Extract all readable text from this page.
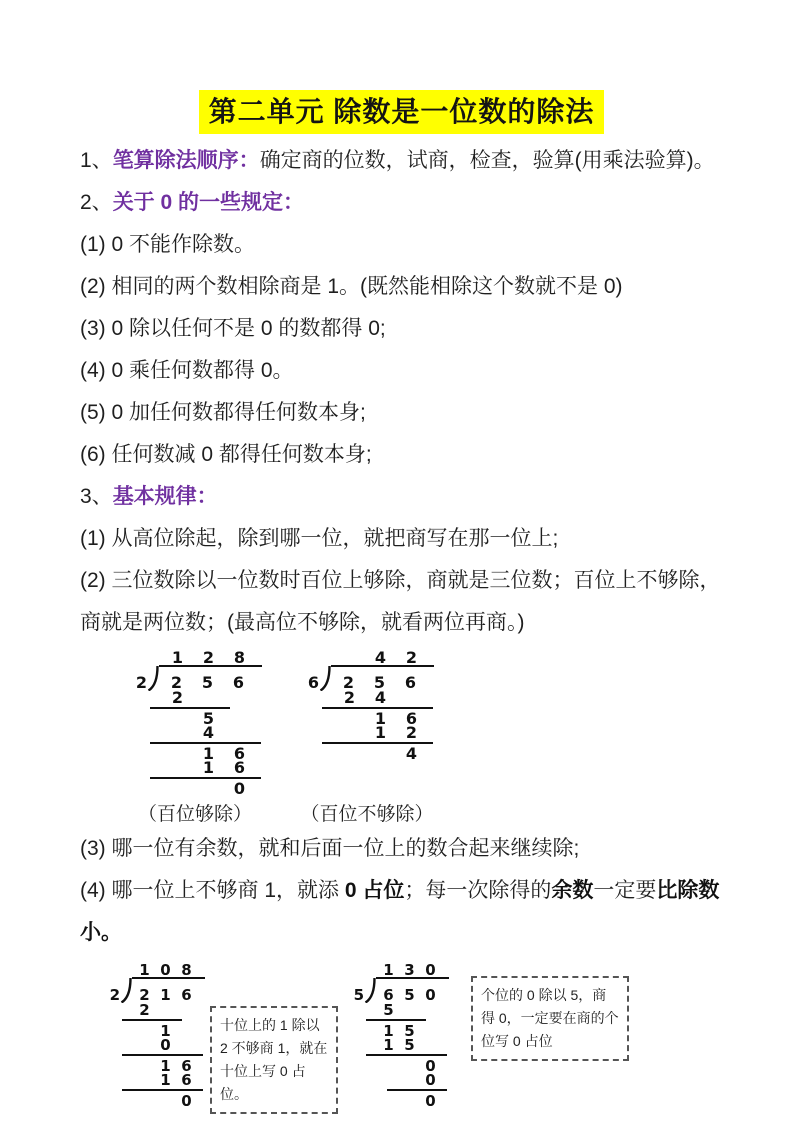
第二单元 除数是一位数的除法

1、笔算除法顺序：确定商的位数，试商，检查，验算(用乘法验算)。

2、关于 0 的一些规定：

(1) 0 不能作除数。

(2) 相同的两个数相除商是 1。(既然能相除这个数就不是 0)

(3) 0 除以任何不是 0 的数都得 0;

(4) 0 乘任何数都得 0。

(5) 0 加任何数都得任何数本身;

(6) 任何数减 0 都得任何数本身;

3、基本规律：

(1) 从高位除起，除到哪一位，就把商写在那一位上;

(2) 三位数除以一位数时百位上够除，商就是三位数；百位上不够除，商就是两位数；(最高位不够除，就看两位再商。)

1	2	8
2	2	5	6
2
5
4
1	6
1	6
0
（百位够除）
4	2
6	2	5	6
2	4
1	6
1	2
4
（百位不够除）

(3) 哪一位有余数，就和后面一位上的数合起来继续除;

(4) 哪一位上不够商 1，就添 0 占位；每一次除得的余数一定要比除数小。

1 0 8
2	2 1 6
2
1
0
1 6
1 6
0
十位上的 1 除以 2 不够商 1，就在十位上写 0 占位。
1 3 0
5	6 5 0
5
1 5
1 5
0
0
0
个位的 0 除以 5，商得 0，一定要在商的个位写 0 占位
